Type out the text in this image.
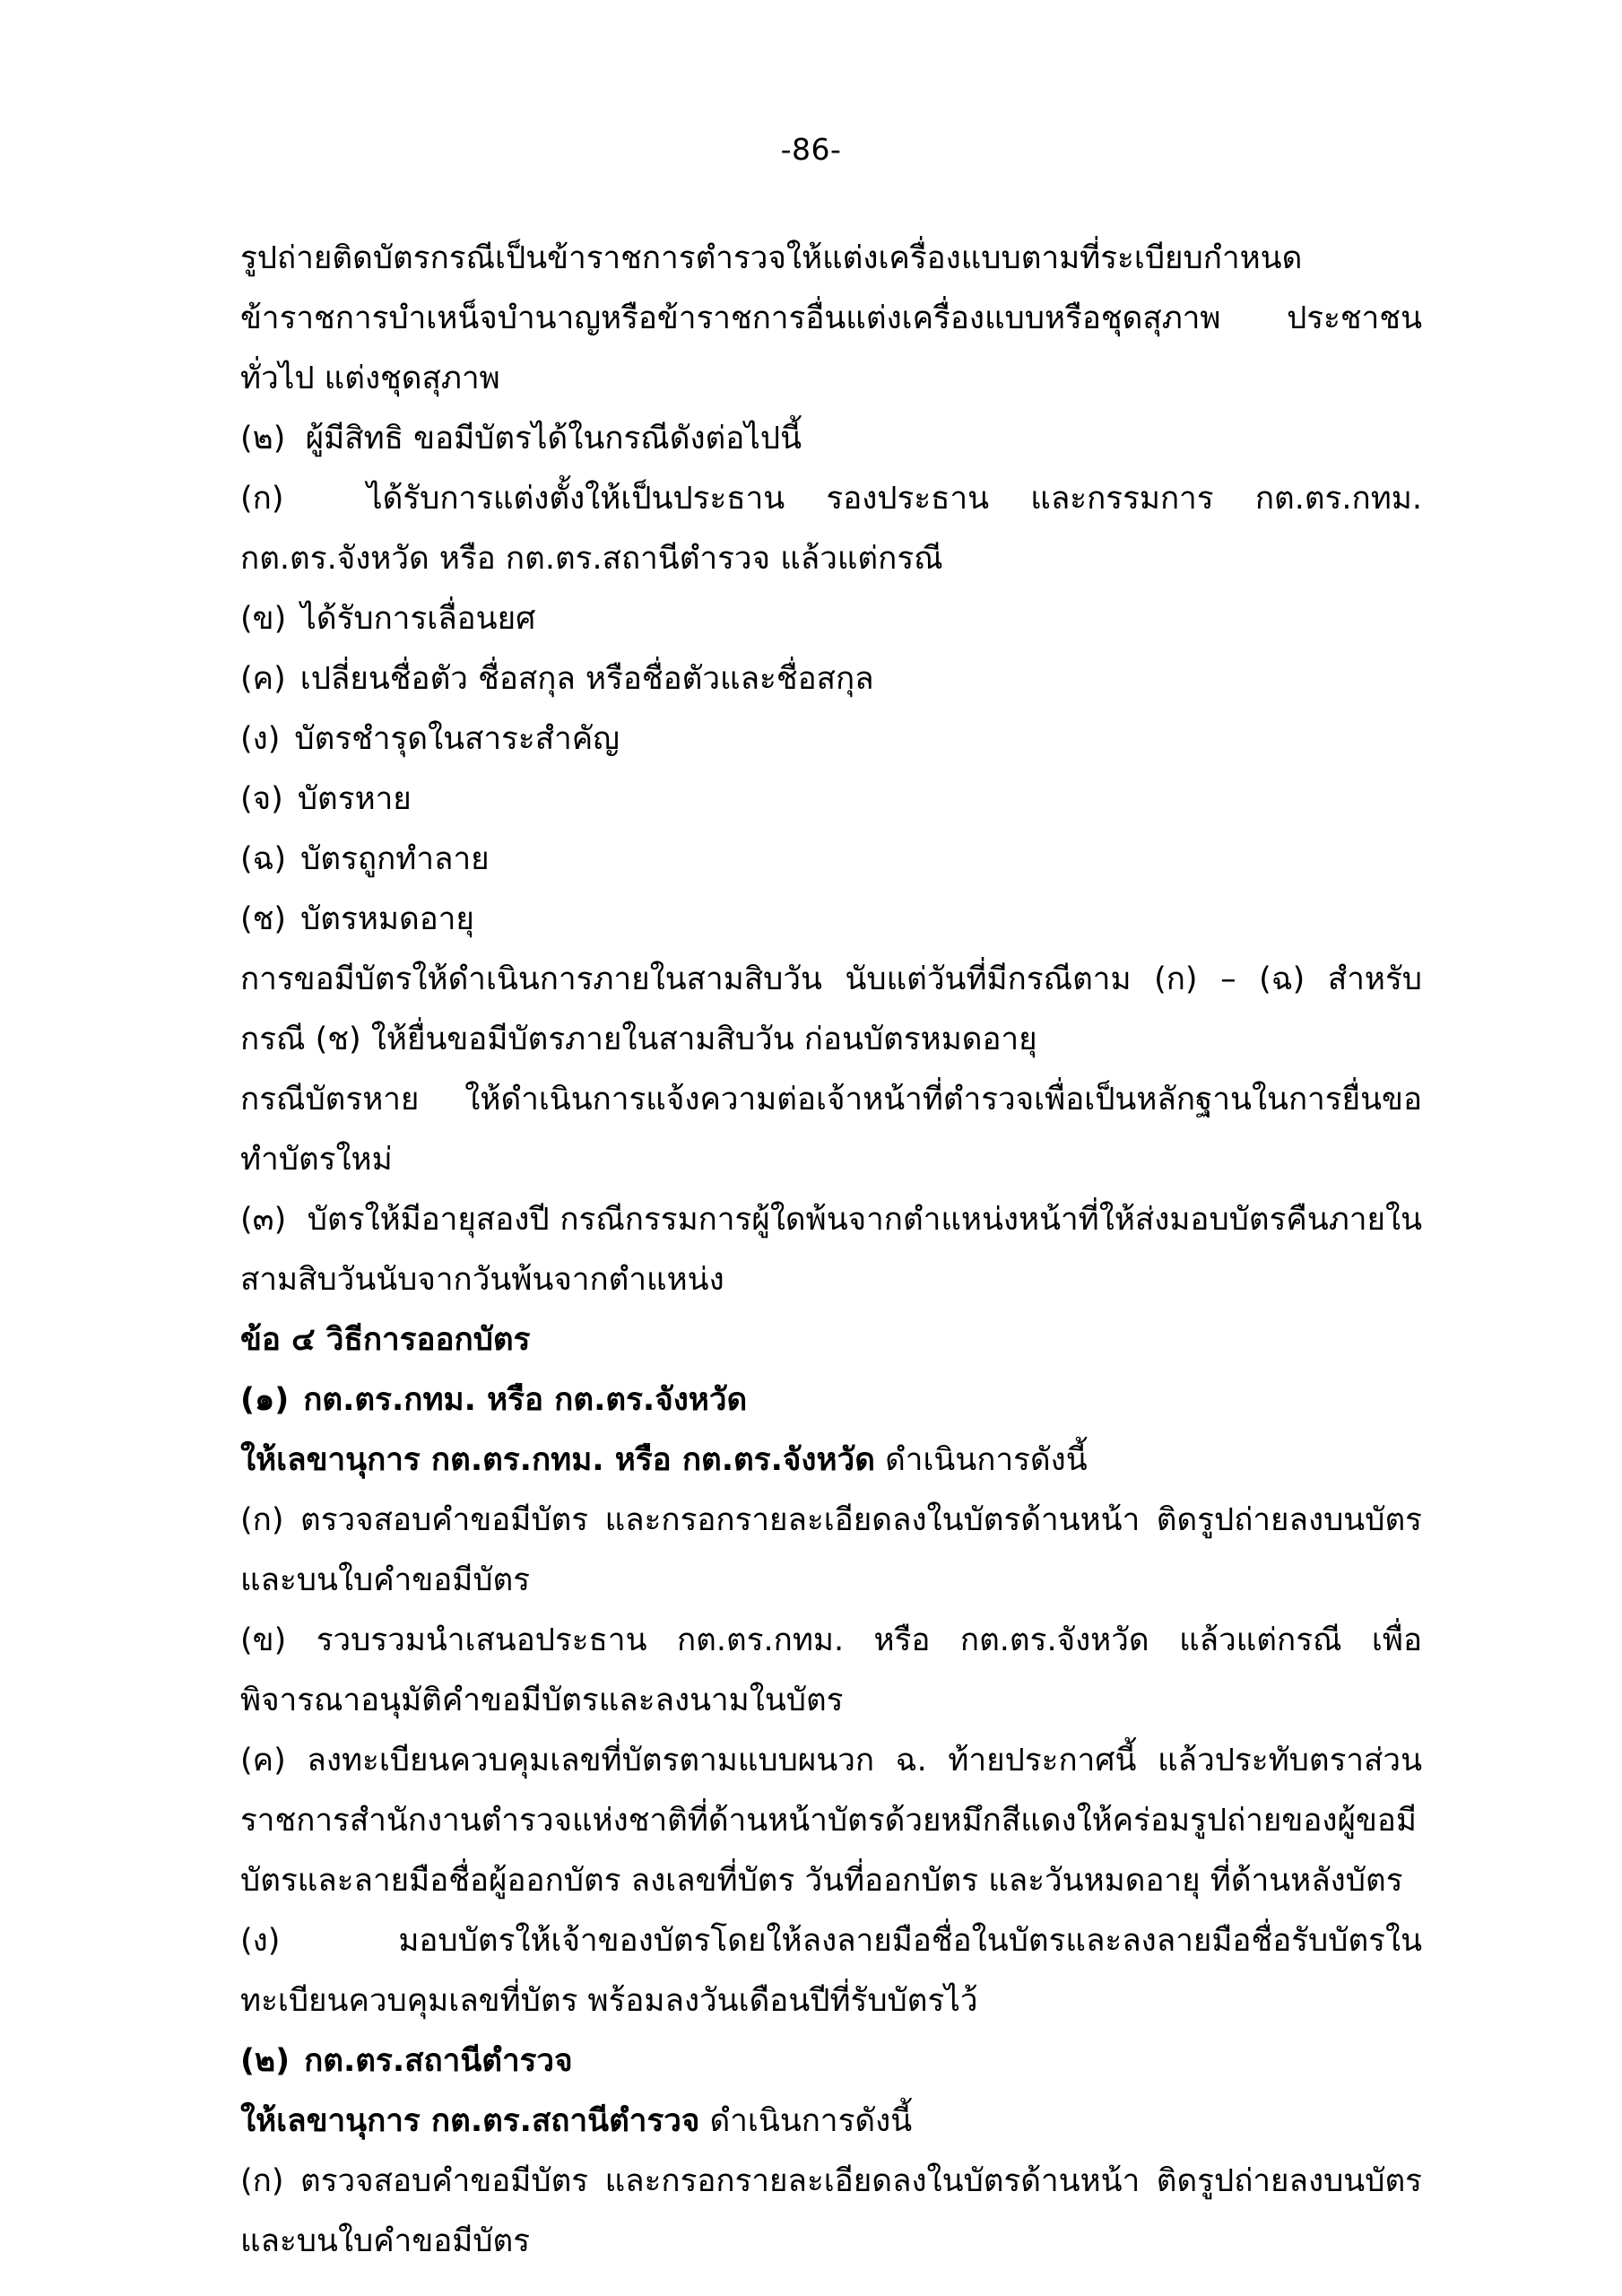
-86-

รูปถ่ายติดบัตรกรณีเป็นข้าราชการตำรวจให้แต่งเครื่องแบบตามที่ระเบียบกำหนด

ข้าราชการบำเหน็จบำนาญหรือข้าราชการอื่นแต่งเครื่องแบบหรือชุดสุภาพ ประชาชนทั่วไป แต่งชุดสุภาพ

(๒) ผู้มีสิทธิ ขอมีบัตรได้ในกรณีดังต่อไปนี้

(ก)	ได้รับการแต่งตั้งให้เป็นประธาน รองประธาน และกรรมการ กต.ตร.กทม. กต.ตร.จังหวัด หรือ กต.ตร.สถานีตำรวจ แล้วแต่กรณี

(ข) ได้รับการเลื่อนยศ

(ค) เปลี่ยนชื่อตัว ชื่อสกุล หรือชื่อตัวและชื่อสกุล

(ง) บัตรชำรุดในสาระสำคัญ

(จ) บัตรหาย

(ฉ) บัตรถูกทำลาย

(ช) บัตรหมดอายุ

การขอมีบัตรให้ดำเนินการภายในสามสิบวัน นับแต่วันที่มีกรณีตาม (ก) – (ฉ) สำหรับกรณี (ช) ให้ยื่นขอมีบัตรภายในสามสิบวัน ก่อนบัตรหมดอายุ

กรณีบัตรหาย ให้ดำเนินการแจ้งความต่อเจ้าหน้าที่ตำรวจเพื่อเป็นหลักฐานในการยื่นขอทำบัตรใหม่

(๓) บัตรให้มีอายุสองปี กรณีกรรมการผู้ใดพ้นจากตำแหน่งหน้าที่ให้ส่งมอบบัตรคืนภายในสามสิบวันนับจากวันพ้นจากตำแหน่ง

ข้อ ๔ วิธีการออกบัตร

(๑) กต.ตร.กทม. หรือ กต.ตร.จังหวัด

ให้เลขานุการ กต.ตร.กทม. หรือ กต.ตร.จังหวัด ดำเนินการดังนี้

(ก) ตรวจสอบคำขอมีบัตร และกรอกรายละเอียดลงในบัตรด้านหน้า ติดรูปถ่ายลงบนบัตรและบนใบคำขอมีบัตร

(ข) รวบรวมนำเสนอประธาน กต.ตร.กทม. หรือ กต.ตร.จังหวัด แล้วแต่กรณี เพื่อพิจารณาอนุมัติคำขอมีบัตรและลงนามในบัตร

(ค) ลงทะเบียนควบคุมเลขที่บัตรตามแบบผนวก ฉ. ท้ายประกาศนี้ แล้วประทับตราส่วนราชการสำนักงานตำรวจแห่งชาติที่ด้านหน้าบัตรด้วยหมึกสีแดงให้คร่อมรูปถ่ายของผู้ขอมีบัตรและลายมือชื่อผู้ออกบัตร ลงเลขที่บัตร วันที่ออกบัตร และวันหมดอายุ ที่ด้านหลังบัตร

(ง)	มอบบัตรให้เจ้าของบัตรโดยให้ลงลายมือชื่อในบัตรและลงลายมือชื่อรับบัตรในทะเบียนควบคุมเลขที่บัตร พร้อมลงวันเดือนปีที่รับบัตรไว้

(๒) กต.ตร.สถานีตำรวจ

ให้เลขานุการ กต.ตร.สถานีตำรวจ ดำเนินการดังนี้

(ก) ตรวจสอบคำขอมีบัตร และกรอกรายละเอียดลงในบัตรด้านหน้า ติดรูปถ่ายลงบนบัตร และบนใบคำขอมีบัตร
